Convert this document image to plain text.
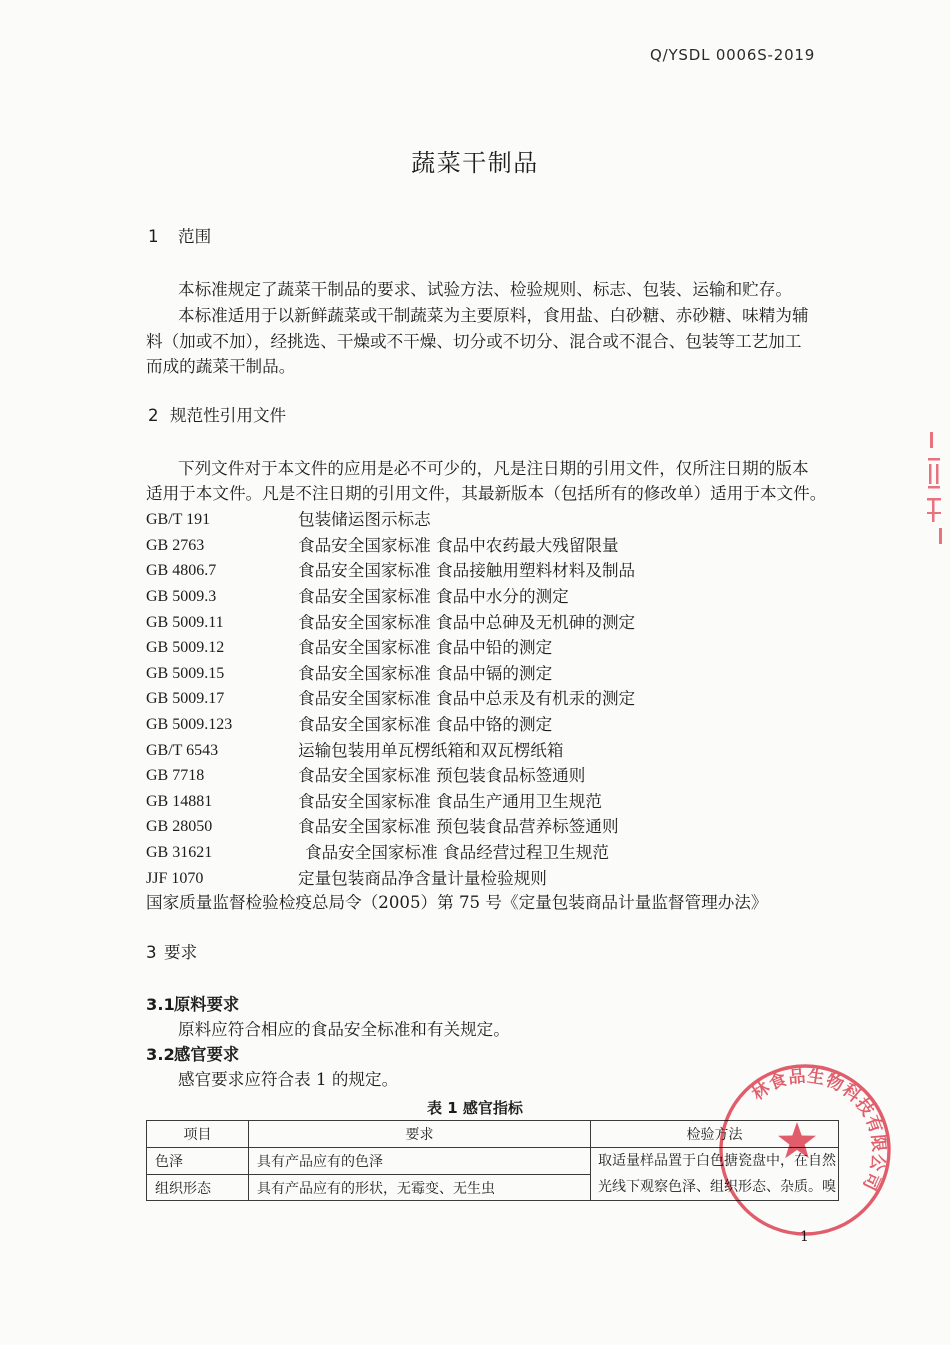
Q/YSDL 0006S-2019
蔬菜干制品
1 范围
本标准规定了蔬菜干制品的要求、试验方法、检验规则、标志、包装、运输和贮存。
本标准适用于以新鲜蔬菜或干制蔬菜为主要原料，食用盐、白砂糖、赤砂糖、味精为辅
料（加或不加），经挑选、干燥或不干燥、切分或不切分、混合或不混合、包装等工艺加工
而成的蔬菜干制品。
2 规范性引用文件
下列文件对于本文件的应用是必不可少的，凡是注日期的引用文件，仅所注日期的版本
适用于本文件。凡是不注日期的引用文件，其最新版本（包括所有的修改单）适用于本文件。
GB/T 191	包装储运图示标志
GB 2763	食品安全国家标准 食品中农药最大残留限量
GB 4806.7	食品安全国家标准 食品接触用塑料材料及制品
GB 5009.3	食品安全国家标准 食品中水分的测定
GB 5009.11	食品安全国家标准 食品中总砷及无机砷的测定
GB 5009.12	食品安全国家标准 食品中铅的测定
GB 5009.15	食品安全国家标准 食品中镉的测定
GB 5009.17	食品安全国家标准 食品中总汞及有机汞的测定
GB 5009.123	食品安全国家标准 食品中铬的测定
GB/T 6543	运输包装用单瓦楞纸箱和双瓦楞纸箱
GB 7718	食品安全国家标准 预包装食品标签通则
GB 14881	食品安全国家标准 食品生产通用卫生规范
GB 28050	食品安全国家标准 预包装食品营养标签通则
GB 31621	食品安全国家标准 食品经营过程卫生规范
JJF 1070	定量包装商品净含量计量检验规则
国家质量监督检验检疫总局令（2005）第 75 号《定量包装商品计量监督管理办法》
3 要求
3.1 原料要求
原料应符合相应的食品安全标准和有关规定。
3.2 感官要求
感官要求应符合表 1 的规定。
表 1 感官指标
项目	要求	检验方法
色泽	具有产品应有的色泽	取适量样品置于白色搪瓷盘中，在自然
光线下观察色泽、组织形态、杂质。嗅

组织形态	具有产品应有的形状，无霉变、无生虫	
1
林食品生物科技有限公司
